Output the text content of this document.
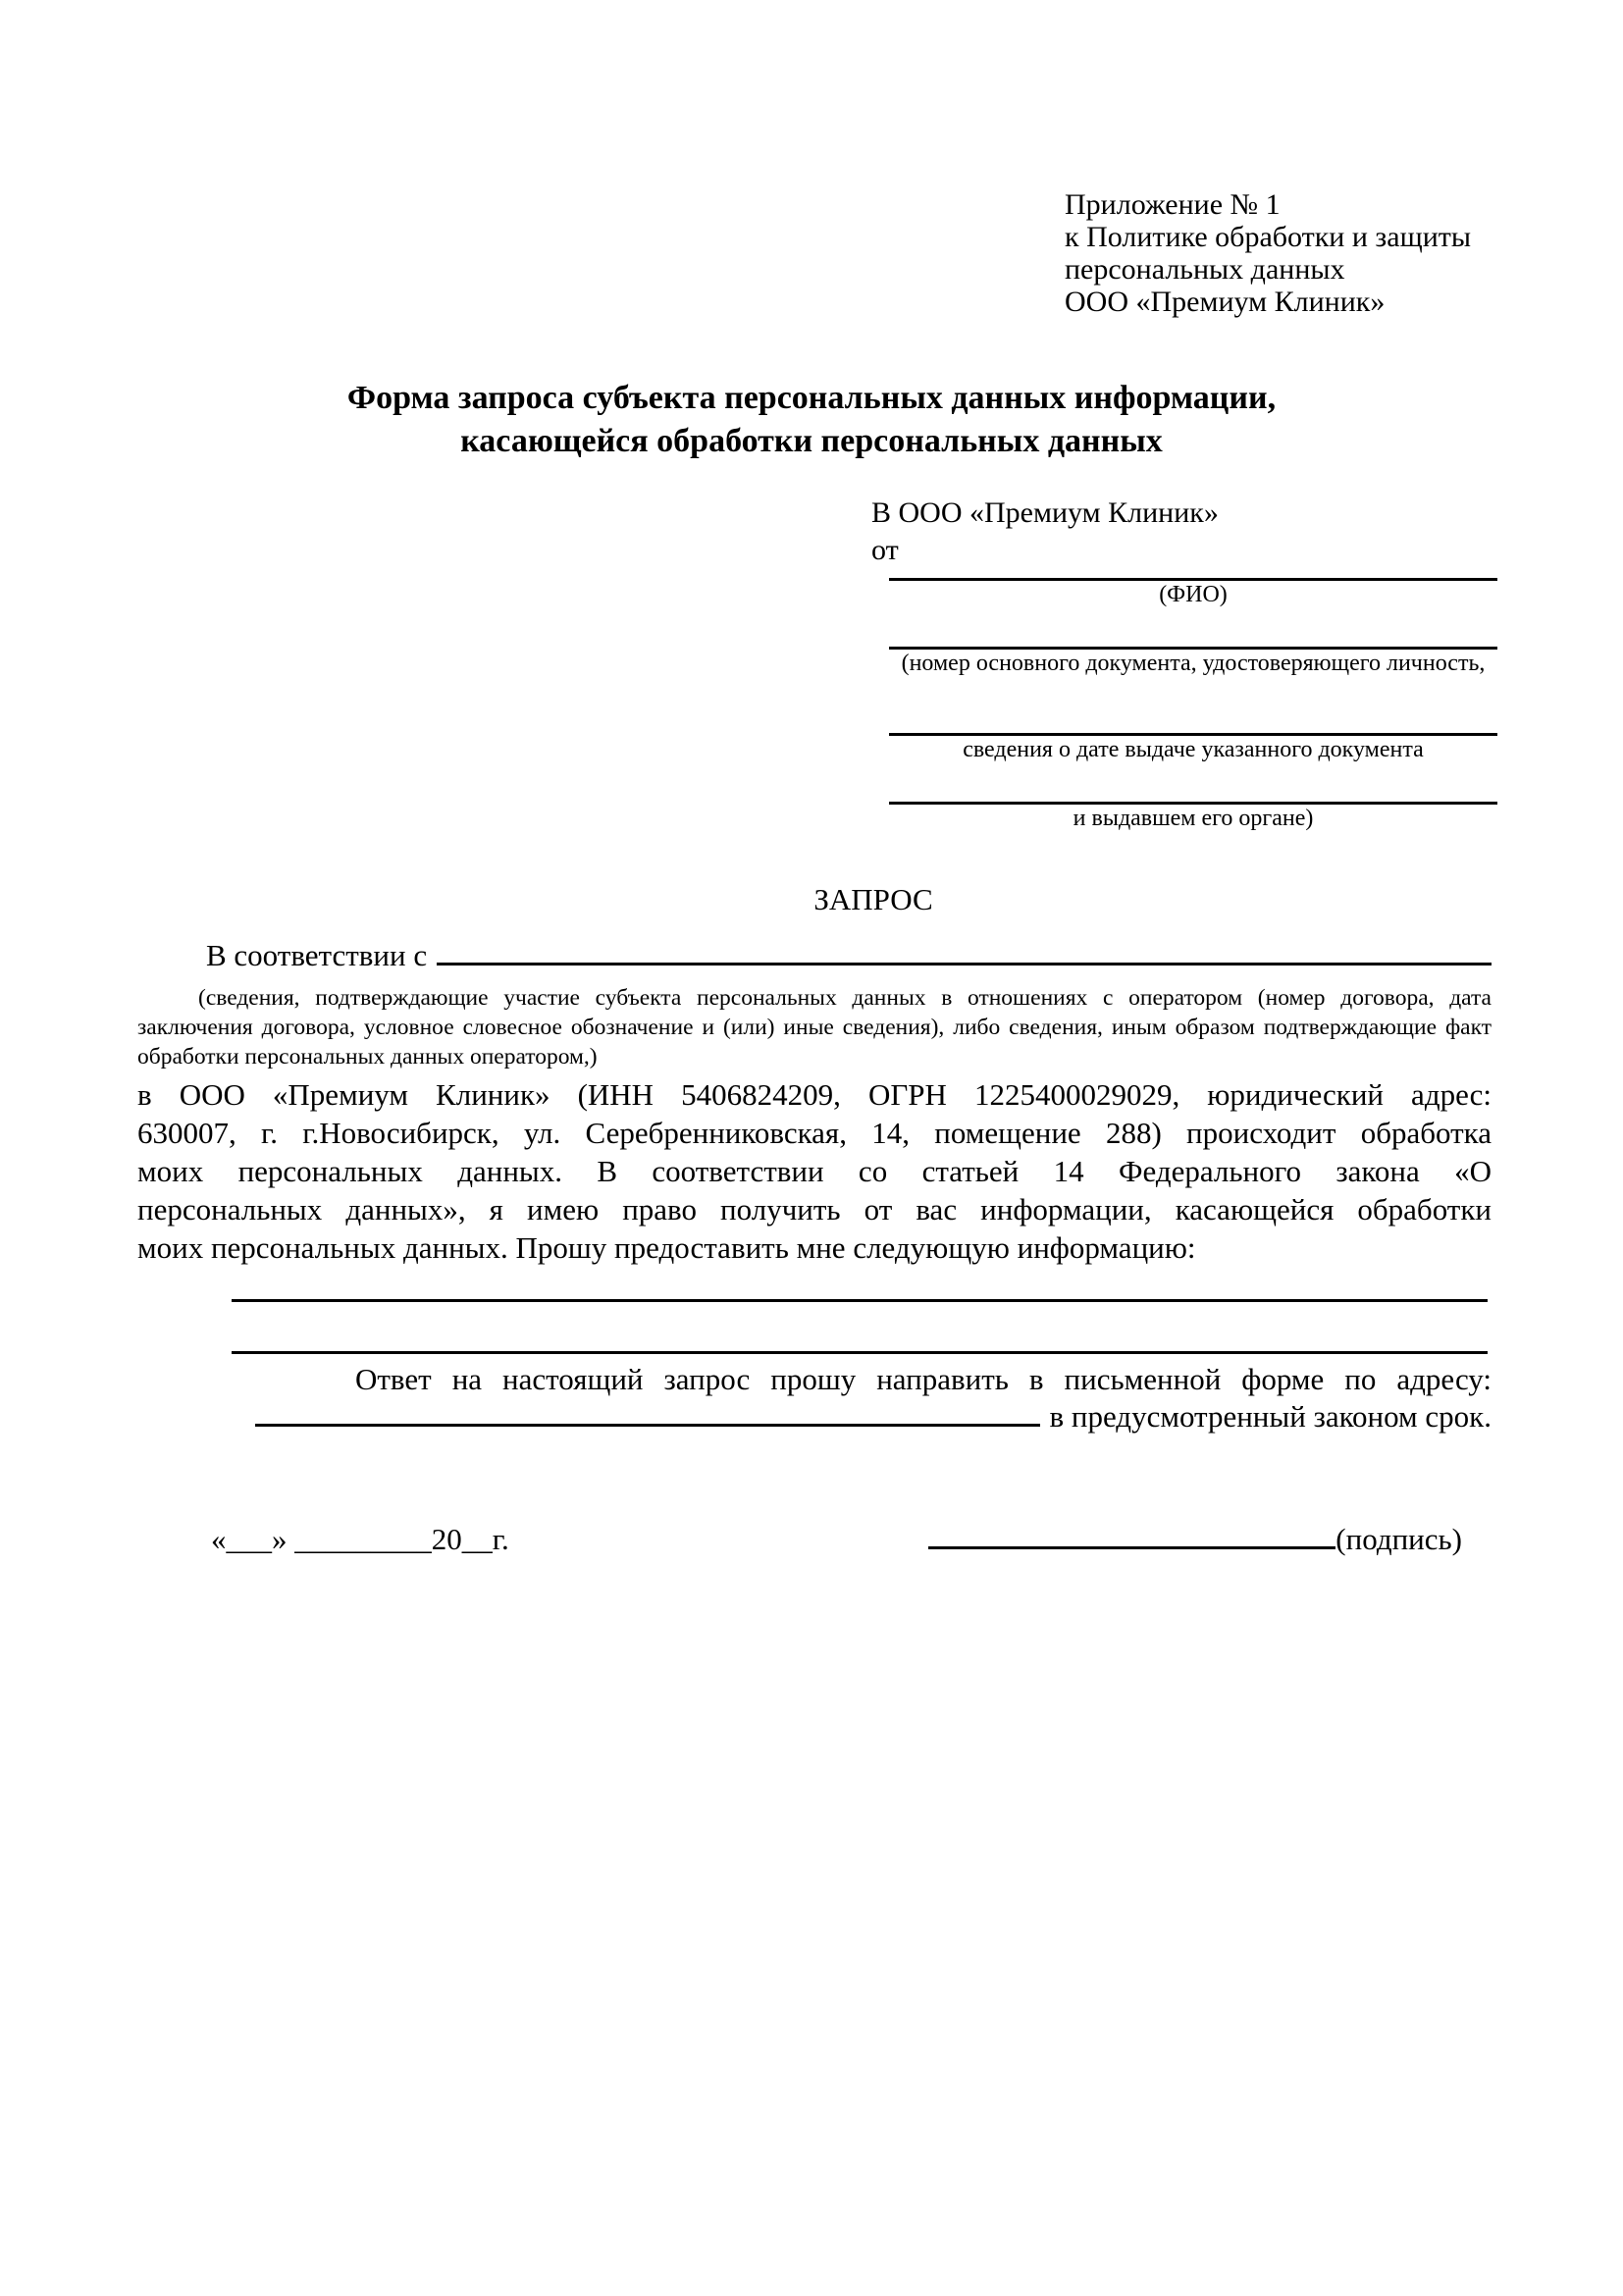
Приложение № 1
к Политике обработки и защиты
персональных данных
ООО «Премиум Клиник»
Форма запроса субъекта персональных данных информации,
касающейся обработки персональных данных
В ООО «Премиум Клиник»
от
(ФИО)
(номер основного документа, удостоверяющего личность,
сведения о дате выдаче указанного документа
и выдавшем его органе)
ЗАПРОС
В соответствии с
(сведения, подтверждающие участие субъекта персональных данных в отношениях с оператором (номер договора, дата
заключения договора, условное словесное обозначение и (или) иные сведения), либо сведения, иным образом подтверждающие факт
обработки персональных данных оператором,)
в ООО «Премиум Клиник» (ИНН 5406824209, ОГРН 1225400029029, юридический адрес:
630007, г. г.Новосибирск, ул. Серебренниковская, 14, помещение 288) происходит обработка
моих персональных данных. В соответствии со статьей 14 Федерального закона «О
персональных данных», я имею право получить от вас информации, касающейся обработки
моих персональных данных. Прошу предоставить мне следующую информацию:
Ответ на настоящий запрос прошу направить в письменной форме по адресу:
в предусмотренный законом срок.
«___» _________20__г.	(подпись)
